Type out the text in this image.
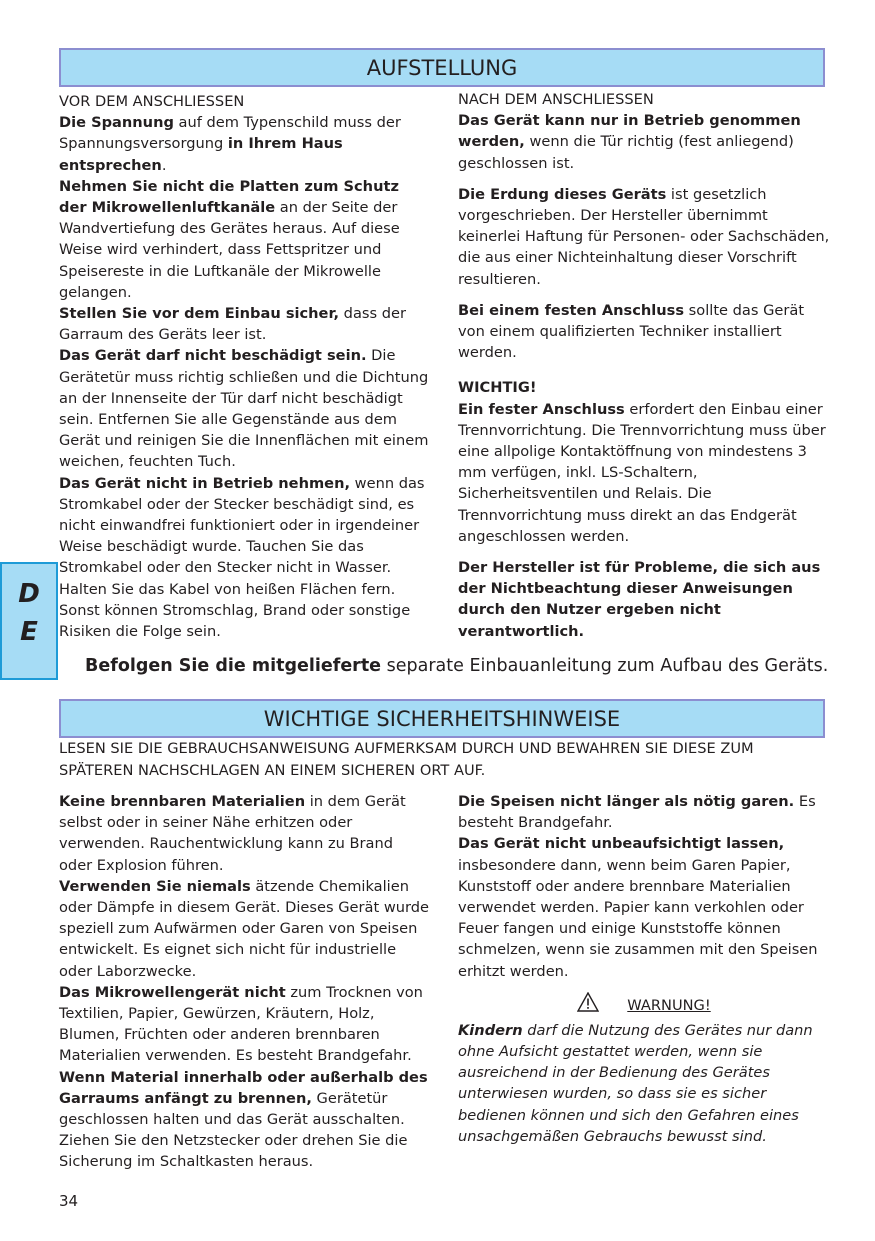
AUFSTELLUNG

VOR DEM ANSCHLIESSEN

Die Spannung auf dem Typenschild muss der Spannungsversorgung in Ihrem Haus entsprechen.

Nehmen Sie nicht die Platten zum Schutz der Mikrowellenluftkanäle an der Seite der Wandvertiefung des Gerätes heraus. Auf diese Weise wird verhindert, dass Fettspritzer und Speisereste in die Luftkanäle der Mikrowelle gelangen.

Stellen Sie vor dem Einbau sicher, dass der Garraum des Geräts leer ist.

Das Gerät darf nicht beschädigt sein. Die Gerätetür muss richtig schließen und die Dichtung an der Innenseite der Tür darf nicht beschädigt sein. Entfernen Sie alle Gegenstände aus dem Gerät und reinigen Sie die Innenflächen mit einem weichen, feuchten Tuch.

Das Gerät nicht in Betrieb nehmen, wenn das Stromkabel oder der Stecker beschädigt sind, es nicht einwandfrei funktioniert oder in irgendeiner Weise beschädigt wurde. Tauchen Sie das Stromkabel oder den Stecker nicht in Wasser. Halten Sie das Kabel von heißen Flächen fern. Sonst können Stromschlag, Brand oder sonstige Risiken die Folge sein.

NACH DEM ANSCHLIESSEN

Das Gerät kann nur in Betrieb genommen werden, wenn die Tür richtig (fest anliegend) geschlossen ist.

Die Erdung dieses Geräts ist gesetzlich vorgeschrieben. Der Hersteller übernimmt keinerlei Haftung für Personen- oder Sachschäden, die aus einer Nichteinhaltung dieser Vorschrift resultieren.

Bei einem festen Anschluss sollte das Gerät von einem qualifizierten Techniker installiert werden.

WICHTIG!

Ein fester Anschluss erfordert den Einbau einer Trennvorrichtung. Die Trennvorrichtung muss über eine allpolige Kontaktöffnung von mindestens 3 mm verfügen, inkl. LS-Schaltern, Sicherheitsventilen und Relais. Die Trennvorrichtung muss direkt an das Endgerät angeschlossen werden.

Der Hersteller ist für Probleme, die sich aus der Nichtbeachtung dieser Anweisungen durch den Nutzer ergeben nicht verantwortlich.

D
E
Befolgen Sie die mitgelieferte separate Einbauanleitung zum Aufbau des Geräts.
WICHTIGE SICHERHEITSHINWEISE
LESEN SIE DIE GEBRAUCHSANWEISUNG AUFMERKSAM DURCH UND BEWAHREN SIE DIESE ZUM SPÄTEREN NACHSCHLAGEN AN EINEM SICHEREN ORT AUF.

Keine brennbaren Materialien in dem Gerät selbst oder in seiner Nähe erhitzen oder verwenden. Rauchentwicklung kann zu Brand oder Explosion führen.

Verwenden Sie niemals ätzende Chemikalien oder Dämpfe in diesem Gerät. Dieses Gerät wurde speziell zum Aufwärmen oder Garen von Speisen entwickelt. Es eignet sich nicht für industrielle oder Laborzwecke.

Das Mikrowellengerät nicht zum Trocknen von Textilien, Papier, Gewürzen, Kräutern, Holz, Blumen, Früchten oder anderen brennbaren Materialien verwenden. Es besteht Brandgefahr.

Wenn Material innerhalb oder außerhalb des Garraums anfängt zu brennen, Gerätetür geschlossen halten und das Gerät ausschalten. Ziehen Sie den Netzstecker oder drehen Sie die Sicherung im Schaltkasten heraus.

Die Speisen nicht länger als nötig garen. Es besteht Brandgefahr.

Das Gerät nicht unbeaufsichtigt lassen, insbesondere dann, wenn beim Garen Papier, Kunststoff oder andere brennbare Materialien verwendet werden. Papier kann verkohlen oder Feuer fangen und einige Kunststoffe können schmelzen, wenn sie zusammen mit den Speisen erhitzt werden.

WARNUNG!

Kindern darf die Nutzung des Gerätes nur dann ohne Aufsicht gestattet werden, wenn sie ausreichend in der Bedienung des Gerätes unterwiesen wurden, so dass sie es sicher bedienen können und sich den Gefahren eines unsachgemäßen Gebrauchs bewusst sind.

34
